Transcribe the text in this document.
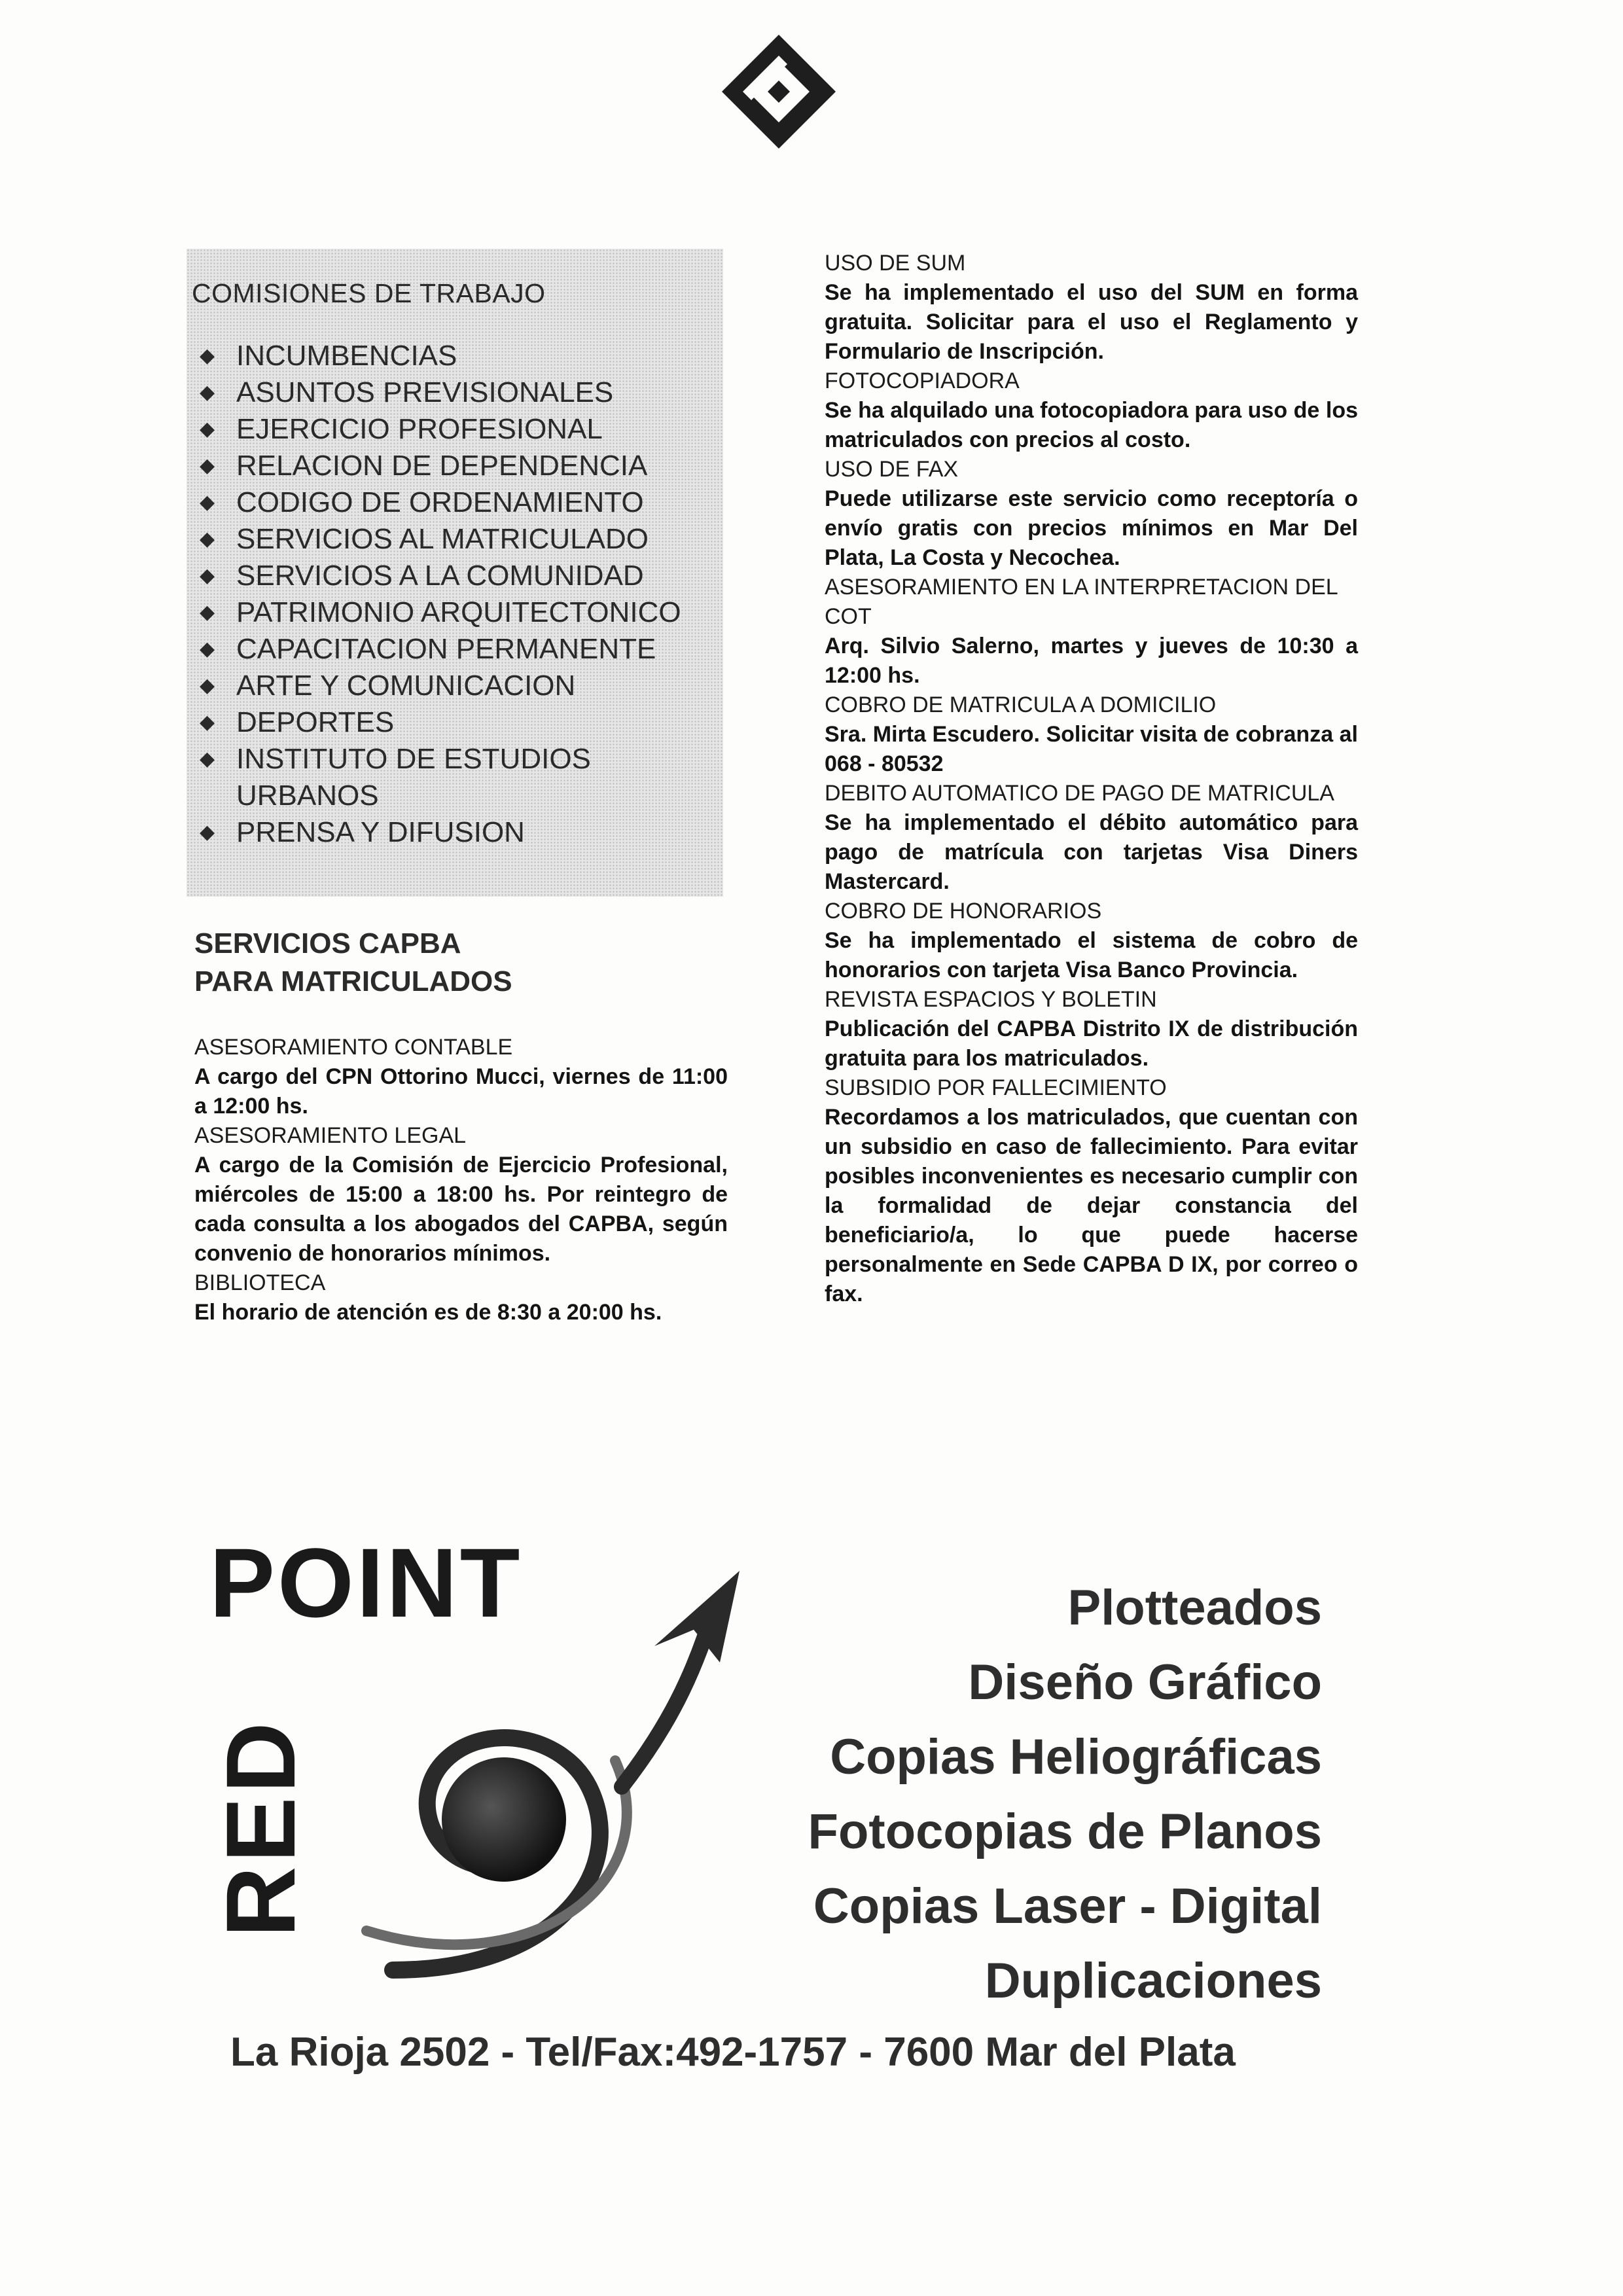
COMISIONES DE TRABAJO
◆ INCUMBENCIAS
◆ ASUNTOS PREVISIONALES
◆ EJERCICIO PROFESIONAL
◆ RELACION DE DEPENDENCIA
◆ CODIGO DE ORDENAMIENTO
◆ SERVICIOS AL MATRICULADO
◆ SERVICIOS A LA COMUNIDAD
◆ PATRIMONIO ARQUITECTONICO
◆ CAPACITACION PERMANENTE
◆ ARTE Y COMUNICACION
◆ DEPORTES
◆ INSTITUTO DE ESTUDIOS URBANOS
◆ PRENSA Y DIFUSION
SERVICIOS CAPBA
PARA MATRICULADOS
ASESORAMIENTO CONTABLE

A cargo del CPN Ottorino Mucci, viernes de 11:00 a 12:00 hs.

ASESORAMIENTO LEGAL

A cargo de la Comisión de Ejercicio Profesional, miércoles de 15:00 a 18:00 hs. Por reintegro de cada consulta a los abogados del CAPBA, según convenio de honorarios mínimos.

BIBLIOTECA

El horario de atención es de 8:30 a 20:00 hs.

USO DE SUM

Se ha implementado el uso del SUM en forma gratuita. Solicitar para el uso el Reglamento y Formulario de Inscripción.

FOTOCOPIADORA

Se ha alquilado una fotocopiadora para uso de los matriculados con precios al costo.

USO DE FAX

Puede utilizarse este servicio como receptoría o envío gratis con precios mínimos en Mar Del Plata, La Costa y Necochea.

ASESORAMIENTO EN LA INTERPRETACION DEL COT

Arq. Silvio Salerno, martes y jueves de 10:30 a 12:00 hs.

COBRO DE MATRICULA A DOMICILIO

Sra. Mirta Escudero. Solicitar visita de cobranza al 068 - 80532

DEBITO AUTOMATICO DE PAGO DE MATRICULA

Se ha implementado el débito automático para pago de matrícula con tarjetas Visa Diners Mastercard.

COBRO DE HONORARIOS

Se ha implementado el sistema de cobro de honorarios con tarjeta Visa Banco Provincia.

REVISTA ESPACIOS Y BOLETIN

Publicación del CAPBA Distrito IX de distribución gratuita para los matriculados.

SUBSIDIO POR FALLECIMIENTO

Recordamos a los matriculados, que cuentan con un subsidio en caso de fallecimiento. Para evitar posibles inconvenientes es necesario cumplir con la formalidad de dejar constancia del beneficiario/a, lo que puede hacerse personalmente en Sede CAPBA D IX, por correo o fax.

POINT
RED
Plotteados
Diseño Gráfico
Copias Heliográficas
Fotocopias de Planos
Copias Laser - Digital
Duplicaciones
La Rioja 2502 - Tel/Fax:492-1757 - 7600 Mar del Plata
